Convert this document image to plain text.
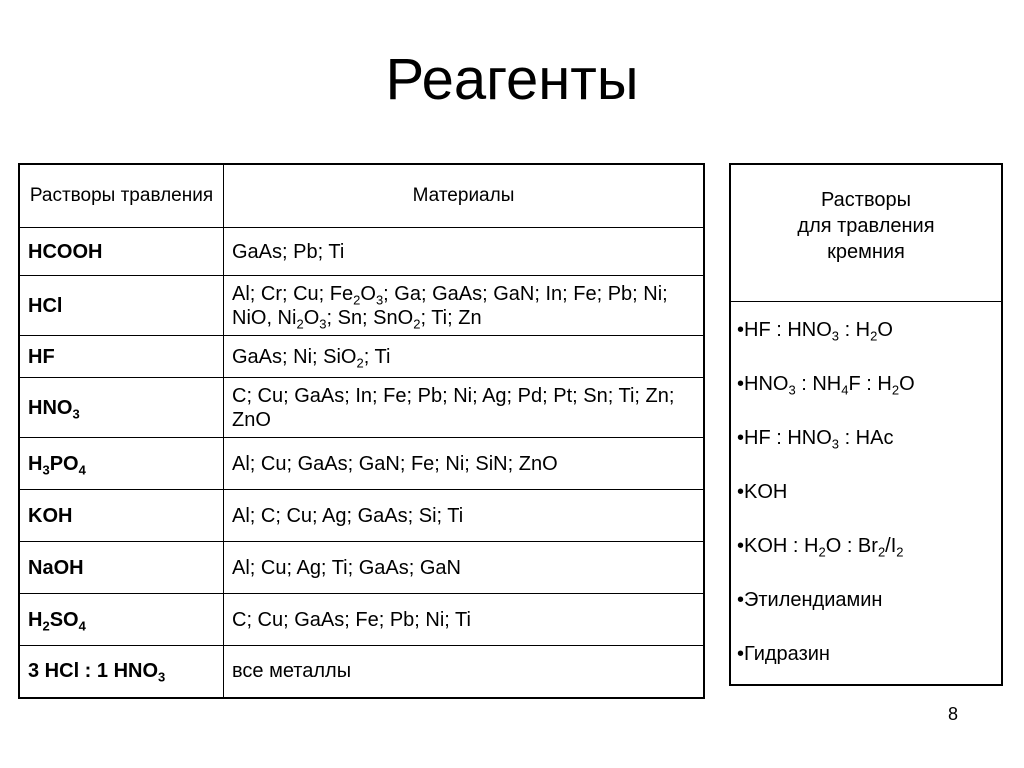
Реагенты
Растворы травления	Материалы
HCOOH	GaAs; Pb; Ti
HCl	Al; Cr; Cu; $Fe_2O_3$; Ga; GaAs; GaN; In; Fe; Pb; Ni; NiO, $Ni_2O_3$; Sn; SnO$_2$; Ti; Zn
HF	GaAs; Ni; SiO$_2$; Ti
$HNO_3$	C; Cu; GaAs; In; Fe; Pb; Ni; Ag; Pd; Pt; Sn; Ti; Zn; ZnO
$H_3PO_4$	Al; Cu; GaAs; GaN; Fe; Ni; SiN; ZnO
KOH	Al; C; Cu; Ag; GaAs; Si; Ti
NaOH	Al; Cu; Ag; Ti; GaAs; GaN
$H_2SO_4$	C; Cu; GaAs; Fe; Pb; Ni; Ti
3 HCl : 1 $HNO_3$	все металлы
Растворы
для травления
кремния
•HF : $HNO_3$ : $H_2O$
$•HNO_3$ : $NH_4F$ : $H_2O$
•HF : $HNO_3$ : HAc
•KOH
•KOH : $H_2O$ : $Br_2/I_2$
•Этилендиамин
•Гидразин
8
